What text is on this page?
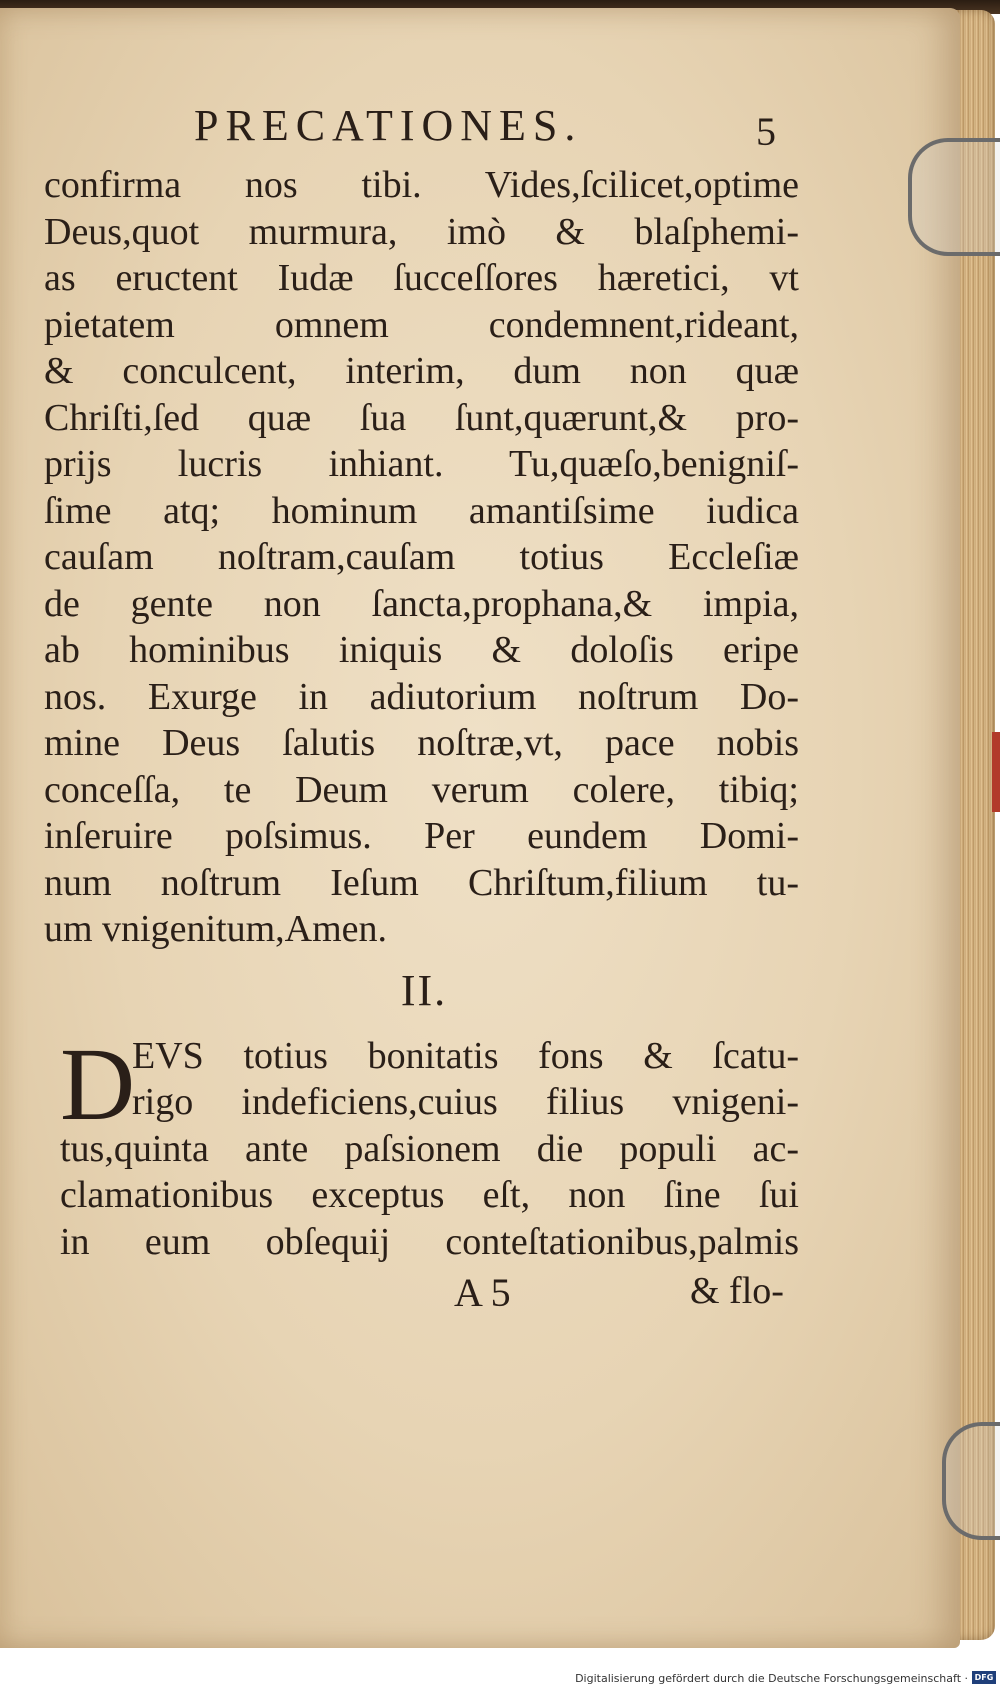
PRECATIONES.	5
confirma nos tibi. Vides,ſcilicet,optime
Deus,quot murmura, imò & blaſphemi-
as eructent Iudæ ſucceſſores hæretici, vt
pietatem omnem condemnent,rideant,
& conculcent, interim, dum non quæ
Chriſti,ſed quæ ſua ſunt,quærunt,& pro-
prijs lucris inhiant. Tu,quæſo,benigniſ-
ſime atq; hominum amantiſsime iudica
cauſam noſtram,cauſam totius Eccleſiæ
de gente non ſancta,prophana,& impia,
ab hominibus iniquis & doloſis eripe
nos. Exurge in adiutorium noſtrum Do-
mine Deus ſalutis noſtræ,vt, pace nobis
conceſſa, te Deum verum colere, tibiq;
inſeruire poſsimus. Per eundem Domi-
num noſtrum Ieſum Chriſtum,filium tu-
um vnigenitum,Amen.
II.
D
EVS totius bonitatis fons & ſcatu-
rigo indeficiens,cuius filius vnigeni-
tus,quinta ante paſsionem die populi ac-
clamationibus exceptus eſt, non ſine ſui
in eum obſequij conteſtationibus,palmis
A 5	& flo-
Digitalisierung gefördert durch die Deutsche Forschungsgemeinschaft · DFG
